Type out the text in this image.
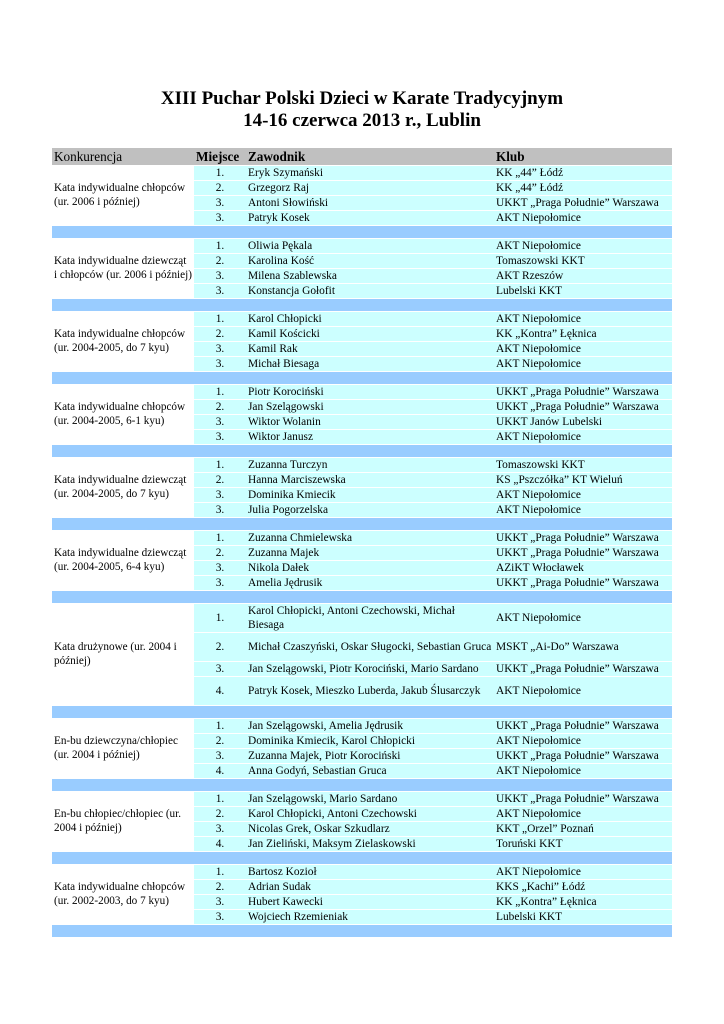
XIII Puchar Polski Dzieci w Karate Tradycyjnym
14-16 czerwca 2013 r., Lublin
Konkurencja	Miejsce	Zawodnik	Klub
Kata indywidualne chłopców (ur. 2006 i później)	1.	Eryk Szymański	KK „44” Łódź
	2.	Grzegorz Raj	KK „44” Łódź
	3.	Antoni Słowiński	UKKT „Praga Południe” Warszawa
	3.	Patryk Kosek	AKT Niepołomice

Kata indywidualne dziewcząt i chłopców (ur. 2006 i później)	1.	Oliwia Pękala	AKT Niepołomice
	2.	Karolina Kość	Tomaszowski KKT
	3.	Milena Szablewska	AKT Rzeszów
	3.	Konstancja Gołofit	Lubelski KKT

Kata indywidualne chłopców (ur. 2004-2005, do 7 kyu)	1.	Karol Chłopicki	AKT Niepołomice
	2.	Kamil Kościcki	KK „Kontra” Łęknica
	3.	Kamil Rak	AKT Niepołomice
	3.	Michał Biesaga	AKT Niepołomice

Kata indywidualne chłopców (ur. 2004-2005, 6-1 kyu)	1.	Piotr Korociński	UKKT „Praga Południe” Warszawa
	2.	Jan Szelągowski	UKKT „Praga Południe” Warszawa
	3.	Wiktor Wolanin	UKKT Janów Lubelski
	3.	Wiktor Janusz	AKT Niepołomice

Kata indywidualne dziewcząt (ur. 2004-2005, do 7 kyu)	1.	Zuzanna Turczyn	Tomaszowski KKT
	2.	Hanna Marciszewska	KS „Pszczółka” KT Wieluń
	3.	Dominika Kmiecik	AKT Niepołomice
	3.	Julia Pogorzelska	AKT Niepołomice

Kata indywidualne dziewcząt (ur. 2004-2005, 6-4 kyu)	1.	Zuzanna Chmielewska	UKKT „Praga Południe” Warszawa
	2.	Zuzanna Majek	UKKT „Praga Południe” Warszawa
	3.	Nikola Dałek	AZiKT Włocławek
	3.	Amelia Jędrusik	UKKT „Praga Południe” Warszawa

Kata drużynowe (ur. 2004 i później)	1.	Karol Chłopicki, Antoni Czechowski, Michał Biesaga	AKT Niepołomice
	2.	Michał Czaszyński, Oskar Sługocki, Sebastian Gruca	MSKT „Ai-Do” Warszawa
	3.	Jan Szelągowski, Piotr Korociński, Mario Sardano	UKKT „Praga Południe” Warszawa
	4.	Patryk Kosek, Mieszko Luberda, Jakub Ślusarczyk	AKT Niepołomice

En-bu dziewczyna/chłopiec (ur. 2004 i później)	1.	Jan Szelągowski, Amelia Jędrusik	UKKT „Praga Południe” Warszawa
	2.	Dominika Kmiecik, Karol Chłopicki	AKT Niepołomice
	3.	Zuzanna Majek, Piotr Korociński	UKKT „Praga Południe” Warszawa
	4.	Anna Godyń, Sebastian Gruca	AKT Niepołomice

En-bu chłopiec/chłopiec (ur. 2004 i później)	1.	Jan Szelągowski, Mario Sardano	UKKT „Praga Południe” Warszawa
	2.	Karol Chłopicki, Antoni Czechowski	AKT Niepołomice
	3.	Nicolas Grek, Oskar Szkudlarz	KKT „Orzel” Poznań
	4.	Jan Zieliński, Maksym Zielaskowski	Toruński KKT

Kata indywidualne chłopców (ur. 2002-2003, do 7 kyu)	1.	Bartosz Kozioł	AKT Niepołomice
	2.	Adrian Sudak	KKS „Kachi” Łódź
	3.	Hubert Kawecki	KK „Kontra” Łęknica
	3.	Wojciech Rzemieniak	Lubelski KKT
